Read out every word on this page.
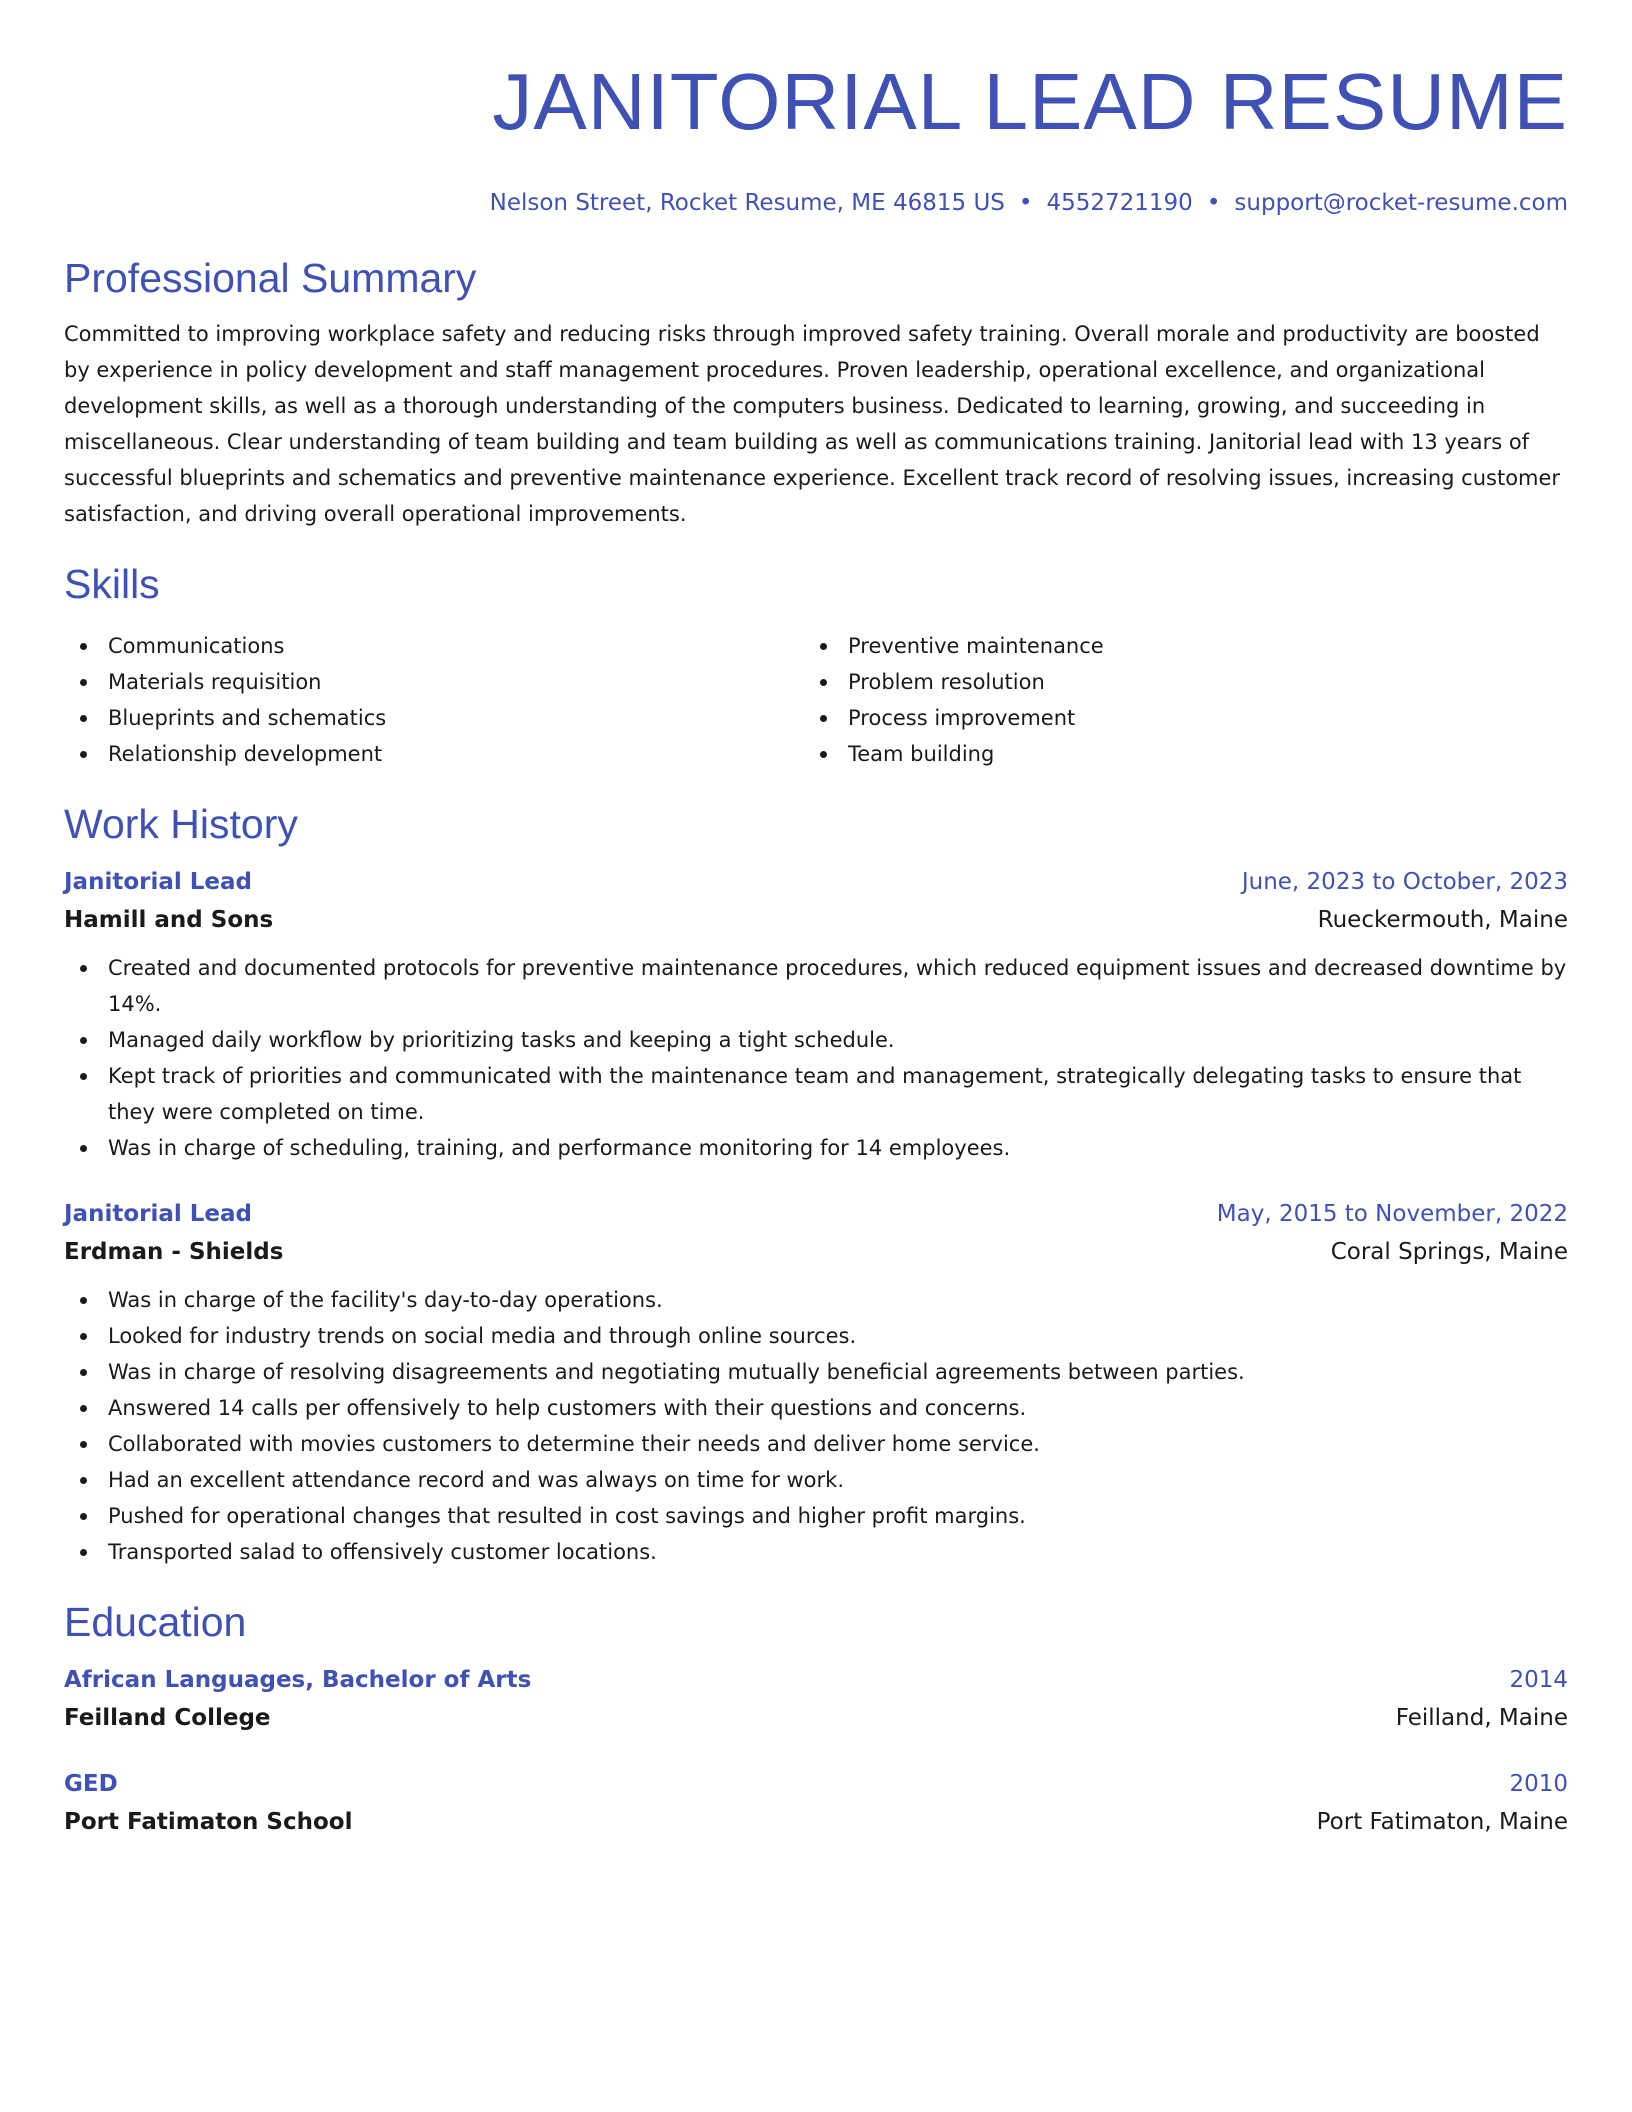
JANITORIAL LEAD RESUME
Nelson Street, Rocket Resume, ME 46815 US • 4552721190 • support@rocket-resume.com
Professional Summary

Committed to improving workplace safety and reducing risks through improved safety training. Overall morale and productivity are boosted by experience in policy development and staff management procedures. Proven leadership, operational excellence, and organizational development skills, as well as a thorough understanding of the computers business. Dedicated to learning, growing, and succeeding in miscellaneous. Clear understanding of team building and team building as well as communications training. Janitorial lead with 13 years of successful blueprints and schematics and preventive maintenance experience. Excellent track record of resolving issues, increasing customer satisfaction, and driving overall operational improvements.

Skills
Communications
Materials requisition
Blueprints and schematics
Relationship development
Preventive maintenance
Problem resolution
Process improvement
Team building
Work History
Janitorial Lead	June, 2023 to October, 2023
Hamill and Sons	Rueckermouth, Maine
Created and documented protocols for preventive maintenance procedures, which reduced equipment issues and decreased downtime by 14%.
Managed daily workflow by prioritizing tasks and keeping a tight schedule.
Kept track of priorities and communicated with the maintenance team and management, strategically delegating tasks to ensure that they were completed on time.
Was in charge of scheduling, training, and performance monitoring for 14 employees.
Janitorial Lead	May, 2015 to November, 2022
Erdman - Shields	Coral Springs, Maine
Was in charge of the facility's day-to-day operations.
Looked for industry trends on social media and through online sources.
Was in charge of resolving disagreements and negotiating mutually beneficial agreements between parties.
Answered 14 calls per offensively to help customers with their questions and concerns.
Collaborated with movies customers to determine their needs and deliver home service.
Had an excellent attendance record and was always on time for work.
Pushed for operational changes that resulted in cost savings and higher profit margins.
Transported salad to offensively customer locations.
Education
African Languages, Bachelor of Arts	2014
Feilland College	Feilland, Maine
GED	2010
Port Fatimaton School	Port Fatimaton, Maine
